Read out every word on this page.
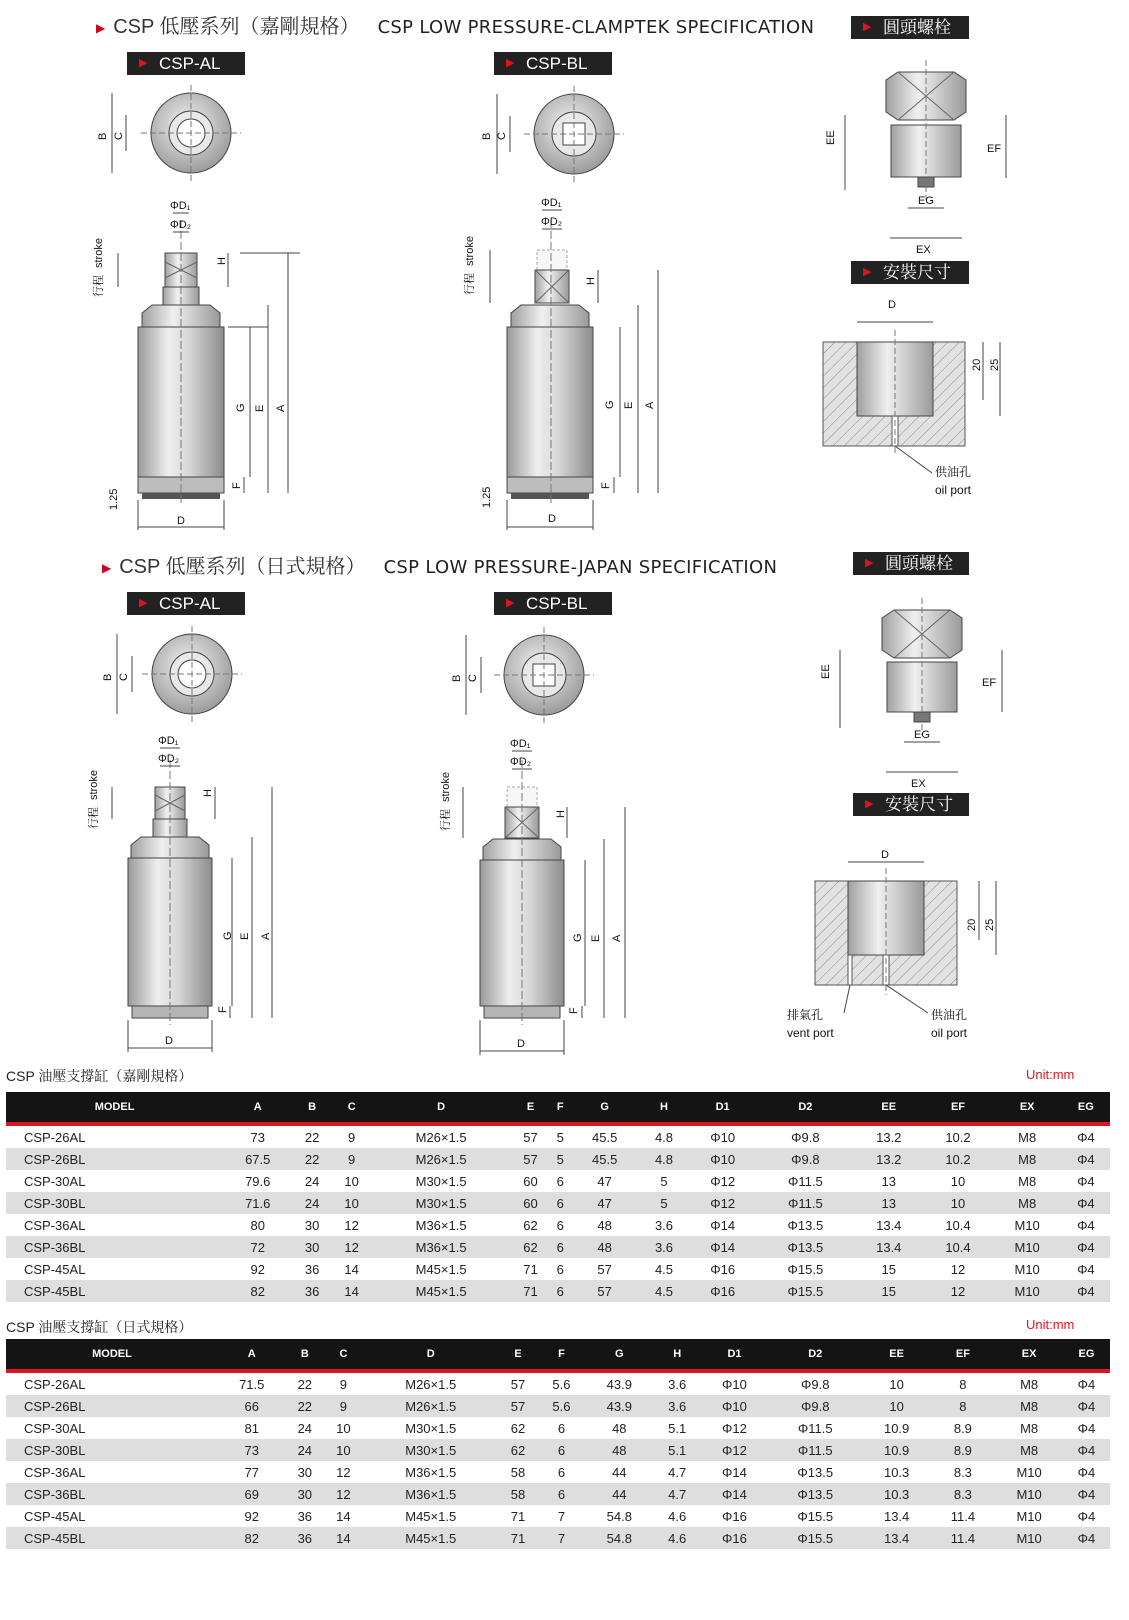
▶ CSP 低壓系列（嘉剛規格） CSP LOW PRESSURE-CLAMPTEK SPECIFICATION
▶ CSP-AL	▶ CSP-BL
▶ 圓頭螺栓
▶ 安裝尺寸
▶ CSP 低壓系列（日式規格） CSP LOW PRESSURE-JAPAN SPECIFICATION
▶ CSP-AL	▶ CSP-BL
▶ 圓頭螺栓
▶ 安裝尺寸
B C	B C
B C	B C
ΦD₁
ΦD₂
ΦD₁
ΦD₂
ΦD₁
ΦD₂
ΦD₁
ΦD₂
H
H
H
H
行程
stroke
行程
stroke
行程
stroke
行程
stroke
G E A
F
1.25
D
G E A
F
1.25
D
G E A
F
D
G E A
F
D
EE
EF
EG
EX
EE
EF
EG
EX
D
20 25
D
20 25
供油孔
oil port
供油孔
oil port
排氣孔
vent port
CSP 油壓支撐缸（嘉剛規格）	Unit:mm
MODEL	A	B	C	D	E	F	G	H	D1	D2	EE	EF	EX	EG
CSP-26AL	73	22	9	M26×1.5	57	5	45.5	4.8	Φ10	Φ9.8	13.2	10.2	M8	Φ4
CSP-26BL	67.5	22	9	M26×1.5	57	5	45.5	4.8	Φ10	Φ9.8	13.2	10.2	M8	Φ4
CSP-30AL	79.6	24	10	M30×1.5	60	6	47	5	Φ12	Φ11.5	13	10	M8	Φ4
CSP-30BL	71.6	24	10	M30×1.5	60	6	47	5	Φ12	Φ11.5	13	10	M8	Φ4
CSP-36AL	80	30	12	M36×1.5	62	6	48	3.6	Φ14	Φ13.5	13.4	10.4	M10	Φ4
CSP-36BL	72	30	12	M36×1.5	62	6	48	3.6	Φ14	Φ13.5	13.4	10.4	M10	Φ4
CSP-45AL	92	36	14	M45×1.5	71	6	57	4.5	Φ16	Φ15.5	15	12	M10	Φ4
CSP-45BL	82	36	14	M45×1.5	71	6	57	4.5	Φ16	Φ15.5	15	12	M10	Φ4
CSP 油壓支撐缸（日式規格）	Unit:mm
MODEL	A	B	C	D	E	F	G	H	D1	D2	EE	EF	EX	EG
CSP-26AL	71.5	22	9	M26×1.5	57	5.6	43.9	3.6	Φ10	Φ9.8	10	8	M8	Φ4
CSP-26BL	66	22	9	M26×1.5	57	5.6	43.9	3.6	Φ10	Φ9.8	10	8	M8	Φ4
CSP-30AL	81	24	10	M30×1.5	62	6	48	5.1	Φ12	Φ11.5	10.9	8.9	M8	Φ4
CSP-30BL	73	24	10	M30×1.5	62	6	48	5.1	Φ12	Φ11.5	10.9	8.9	M8	Φ4
CSP-36AL	77	30	12	M36×1.5	58	6	44	4.7	Φ14	Φ13.5	10.3	8.3	M10	Φ4
CSP-36BL	69	30	12	M36×1.5	58	6	44	4.7	Φ14	Φ13.5	10.3	8.3	M10	Φ4
CSP-45AL	92	36	14	M45×1.5	71	7	54.8	4.6	Φ16	Φ15.5	13.4	11.4	M10	Φ4
CSP-45BL	82	36	14	M45×1.5	71	7	54.8	4.6	Φ16	Φ15.5	13.4	11.4	M10	Φ4
